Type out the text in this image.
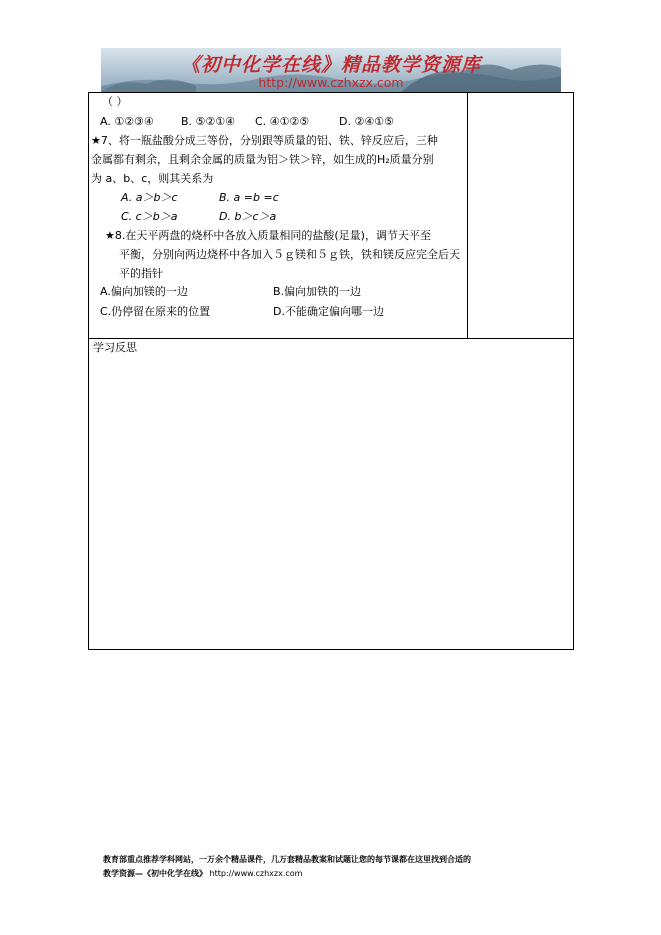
《初中化学在线》精品教学资源库
http://www.czhxzx.com
（ ）
A. ①②③④ B. ⑤②①④ C. ④①②⑤	D. ②④①⑤
★7、将一瓶盐酸分成三等份，分别跟等质量的铝、铁、锌反应后，三种
金属都有剩余，且剩余金属的质量为铝＞铁＞锌，如生成的H₂质量分别
为 a、b、c，则其关系为
A. a＞b＞c	B. a =b =c
C. c＞b＞a	D. b＞c＞a
★8.在天平两盘的烧杯中各放入质量相同的盐酸(足量)，调节天平至
平衡，分别向两边烧杯中各加入５ｇ镁和５ｇ铁，铁和镁反应完全后天
平的指针
A.偏向加镁的一边	B.偏向加铁的一边
C.仍停留在原来的位置	D.不能确定偏向哪一边
学习反思
教育部重点推荐学科网站，一万余个精品课件，几万套精品教案和试题让您的每节课都在这里找到合适的
教学资源—《初中化学在线》 http://www.czhxzx.com
